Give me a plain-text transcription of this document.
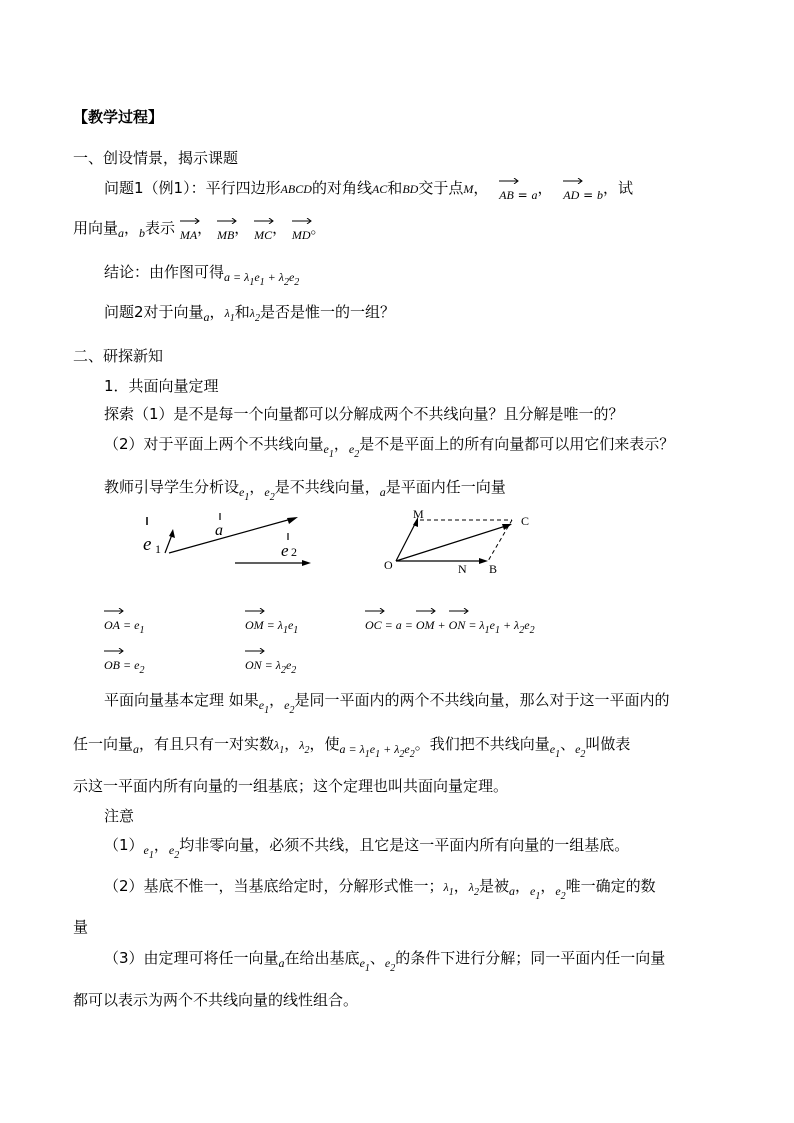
【教学过程】
一、创设情景，揭示课题
问题1（例1）：平行四边形ABCD的对角线AC和BD交于点M， AB $_=$ $_a$， AD $_=$ $_b$，试
用向量$_a$，$_b$表示 MA， MB， MC， MD。
结论：由作图可得$_{a = \lambda_1e_1 + \lambda_2e_2}$
问题2对于向量$_a$，$\lambda_1$和$\lambda_2$是否是惟一的一组？
二、研探新知
1．共面向量定理
探索（1）是不是每一个向量都可以分解成两个不共线向量？且分解是唯一的？
（2）对于平面上两个不共线向量$_{e_1}$，$_{e_2}$是不是平面上的所有向量都可以用它们来表示？
教师引导学生分析设$_{e_1}$，$_{e_2}$是不共线向量，$_a$是平面内任一向量
e 1
a
e 2
M	C
O	N B
OA = $e_1$	OM = $\lambda_1e_1$	OC = a =
OM +
ON = $\lambda_1e_1 + \lambda_2e_2$
OB = $e_2$	ON = $\lambda_2e_2$
平面向量基本定理 如果$_{e_1}$，$_{e_2}$是同一平面内的两个不共线向量，那么对于这一平面内的
任一向量$_a$，有且只有一对实数$\lambda_1$，$\lambda_2$，使$_{a = \lambda_1e_1 + \lambda_2e_2}$。我们把不共线向量$_{e_1}$、$_{e_2}$叫做表
示这一平面内所有向量的一组基底；这个定理也叫共面向量定理。
注意
$(1)_{e_1}$，$_{e_2}$均非零向量，必须不共线，且它是这一平面内所有向量的一组基底。
（2）基底不惟一，当基底给定时，分解形式惟一；$\lambda_1$，$\lambda_2$是被$_a$，$_{e_1}$，$_{e_2}$唯一确定的数
量
（3）由定理可将任一向量$_a$在给出基底$_{e_1}$、$_{e_2}$的条件下进行分解；同一平面内任一向量
都可以表示为两个不共线向量的线性组合。
